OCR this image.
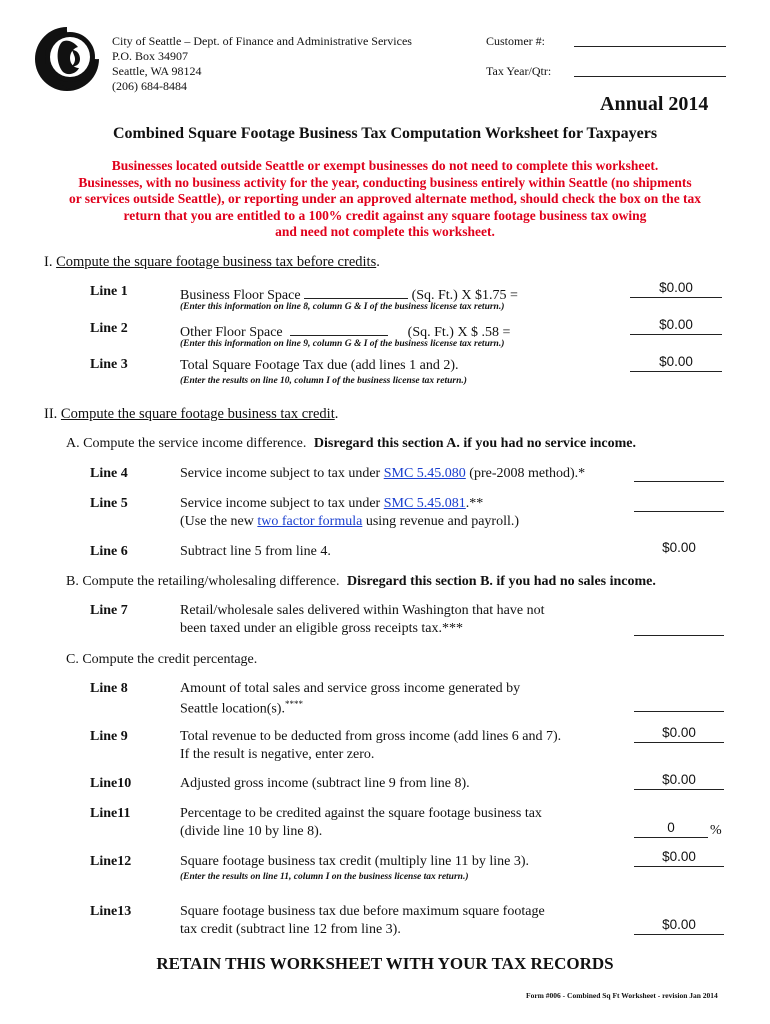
City of Seattle – Dept. of Finance and Administrative Services
P.O. Box 34907
Seattle, WA 98124
(206) 684-8484
Customer #:
Tax Year/Qtr:
Annual 2014
Combined Square Footage Business Tax Computation Worksheet for Taxpayers
Businesses located outside Seattle or exempt businesses do not need to complete this worksheet.
Businesses, with no business activity for the year, conducting business entirely within Seattle (no shipments
or services outside Seattle), or reporting under an approved alternate method, should check the box on the tax
return that you are entitled to a 100% credit against any square footage business tax owing
and need not complete this worksheet.
I. Compute the square footage business tax before credits.
Line 1	Business Floor Space	(Sq. Ft.) X $1.75 =
$0.00
(Enter this information on line 8, column G & I of the business license tax return.)
Line 2	Other Floor Space	(Sq. Ft.) X $ .58 =
$0.00
(Enter this information on line 9, column G & I of the business license tax return.)
Line 3	Total Square Footage Tax due (add lines 1 and 2).	$0.00
(Enter the results on line 10, column I of the business license tax return.)
II. Compute the square footage business tax credit.
A. Compute the service income difference. Disregard this section A. if you had no service income.
Line 4	Service income subject to tax under SMC 5.45.080 (pre-2008 method).*
Line 5	Service income subject to tax under SMC 5.45.081.**
(Use the new two factor formula using revenue and payroll.)
Line 6	Subtract line 5 from line 4.	$0.00
B. Compute the retailing/wholesaling difference. Disregard this section B. if you had no sales income.
Line 7	Retail/wholesale sales delivered within Washington that have not
been taxed under an eligible gross receipts tax.***
C. Compute the credit percentage.
Line 8	Amount of total sales and service gross income generated by
Seattle location(s).****
Line 9	Total revenue to be deducted from gross income (add lines 6 and 7).
If the result is negative, enter zero.
$0.00
Line10	Adjusted gross income (subtract line 9 from line 8).	$0.00
Line11	Percentage to be credited against the square footage business tax
(divide line 10 by line 8).	0	%
Line12	Square footage business tax credit (multiply line 11 by line 3).	$0.00
(Enter the results on line 11, column I on the business license tax return.)
Line13	Square footage business tax due before maximum square footage
tax credit (subtract line 12 from line 3).	$0.00
RETAIN THIS WORKSHEET WITH YOUR TAX RECORDS
Form #006 - Combined Sq Ft Worksheet - revision Jan 2014
